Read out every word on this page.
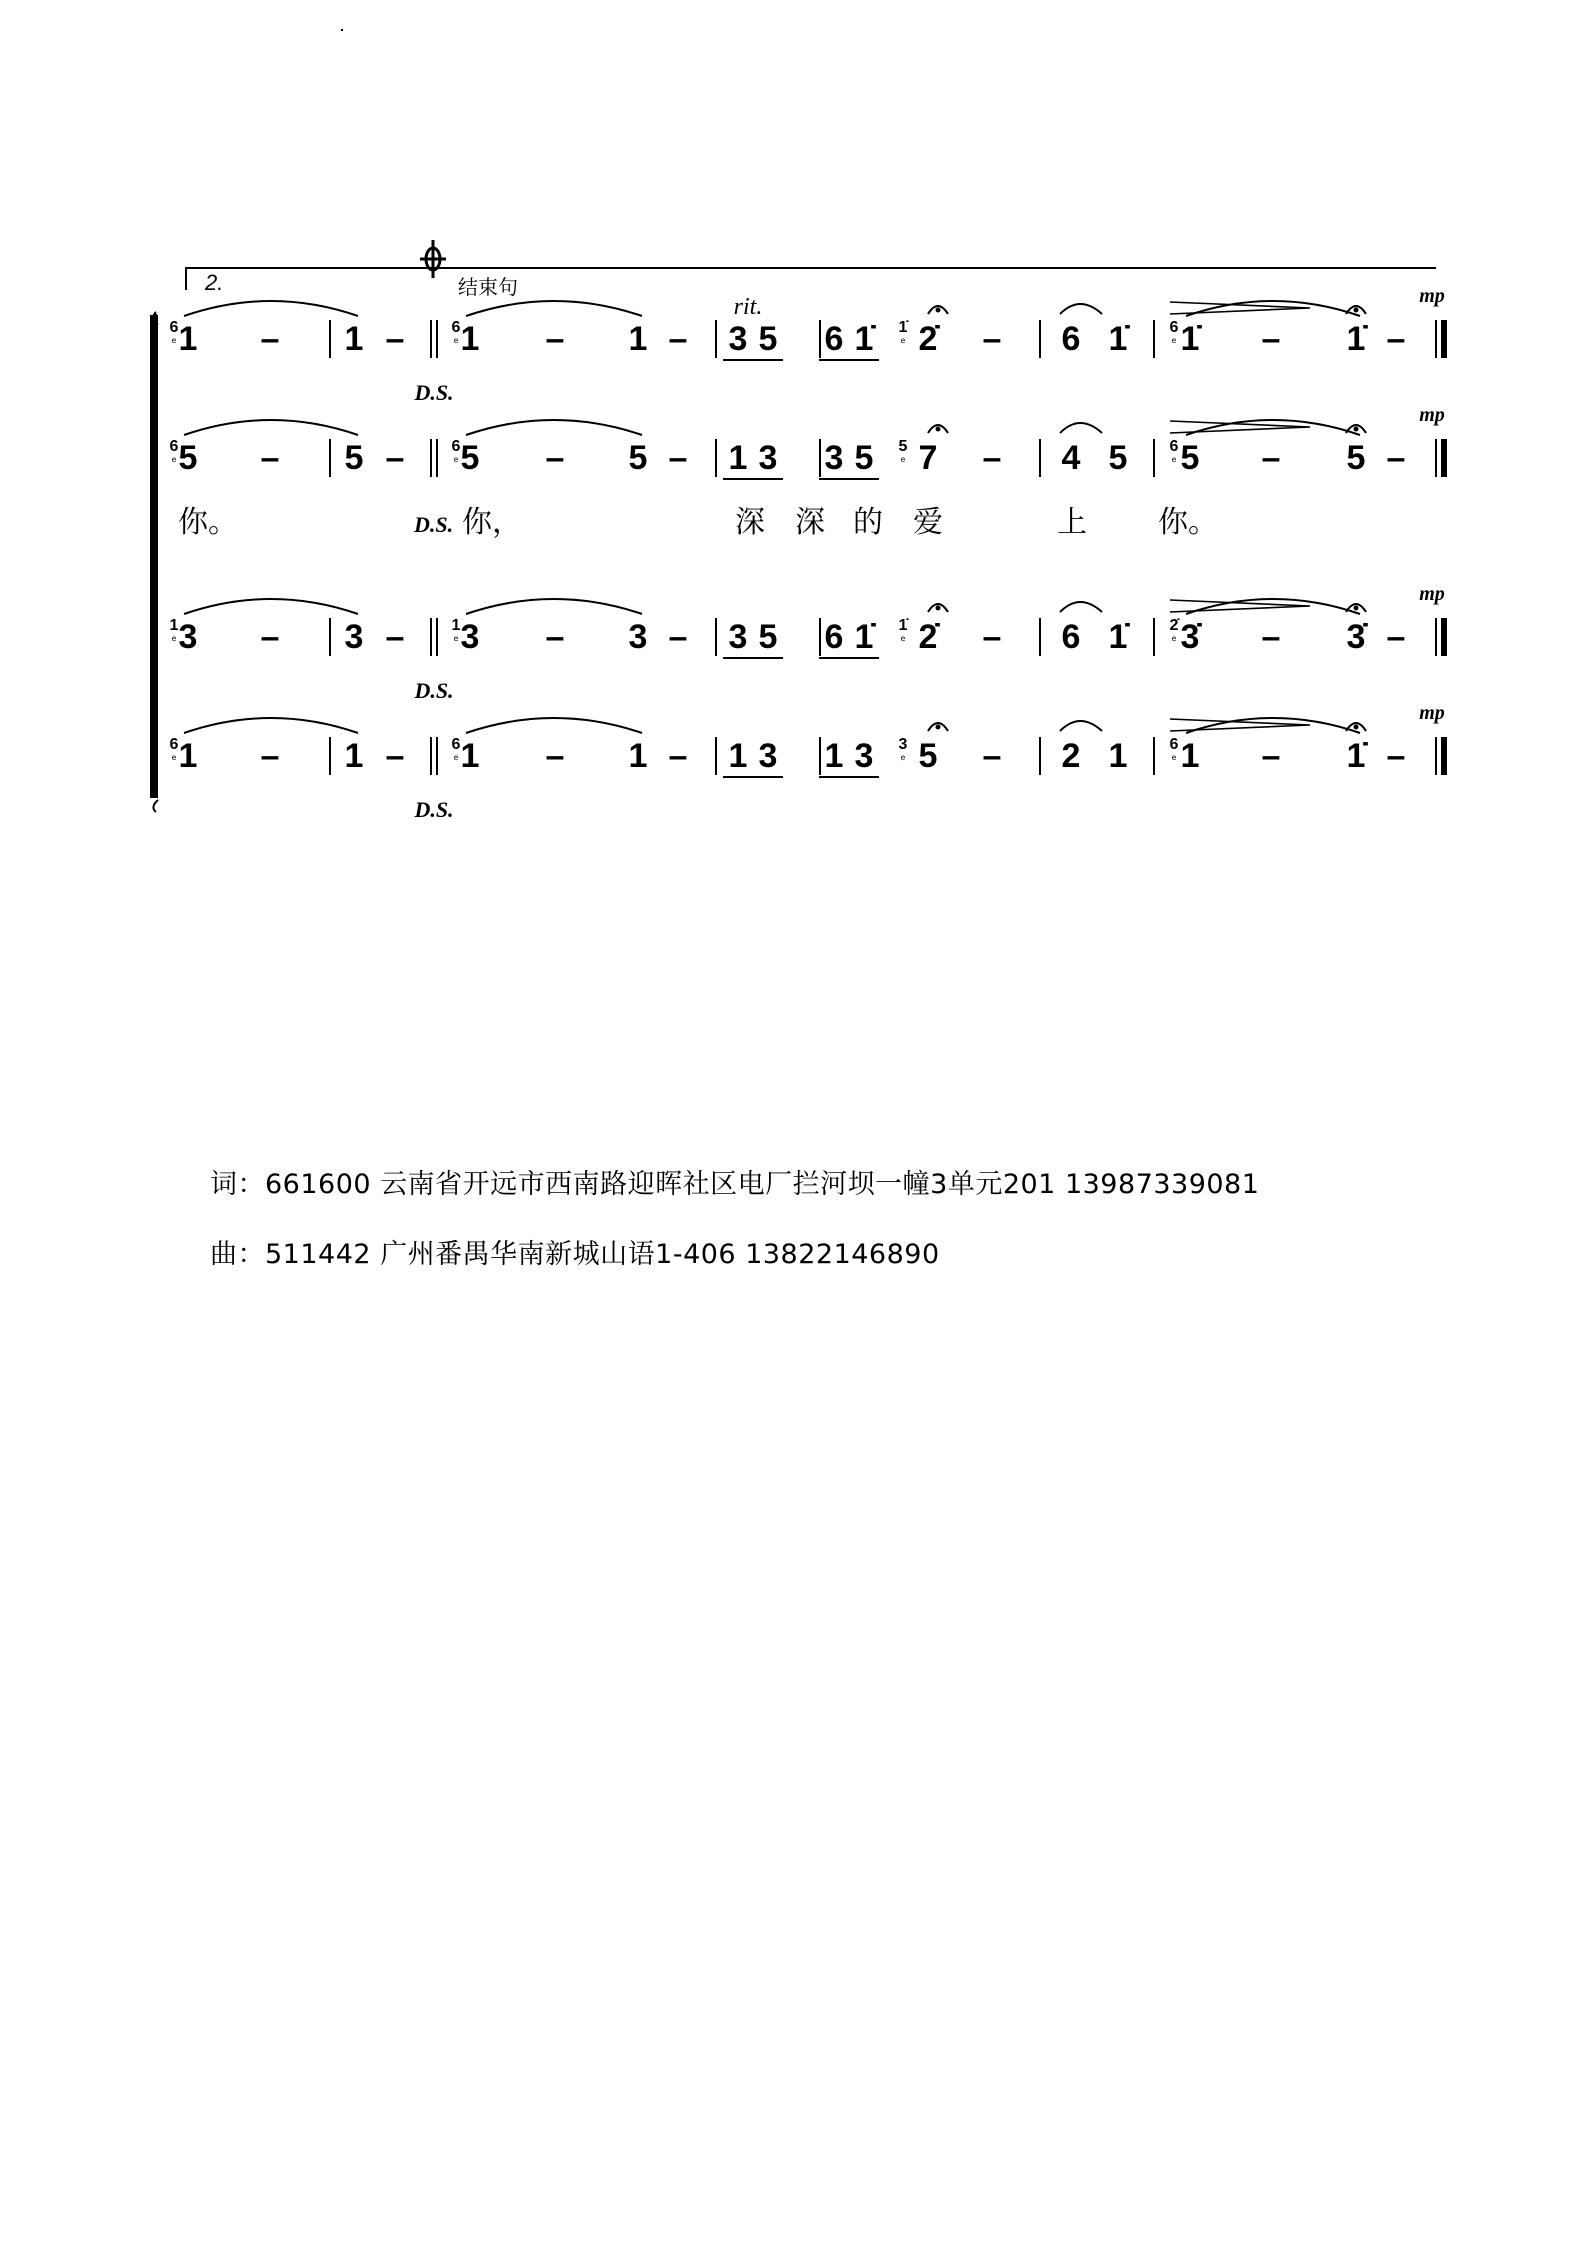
1 –
6	1 – 1 –
6	1 – 3 5 6 1̇ 2̇ –
1̇	6 1̇ 1̇ –
6	1̇ –
mp
D.S.
5 –
6	5 – 5 –
6	5 – 1 3 3 5 7 –
5	4 5 5 –
6	5 –
mp
3 –
1	3 – 3 –
1	3 – 3 5 6 1̇ 2̇ –
1̇	6 1̇ 3̇ –
2̇	3̇ –
mp
D.S.
1 –
6	1 – 1 –
6	1 – 1 3 1 3 5 –
3	2 1 1 –
6	1̇ –
mp
D.S.
2.	结束句
rit.
你。	D.S. 你，	深 深 的 爱	上 你。
词：661600 云南省开远市西南路迎晖社区电厂拦河坝一幢3单元201 13987339081
曲：511442 广州番禺华南新城山语1-406 13822146890
